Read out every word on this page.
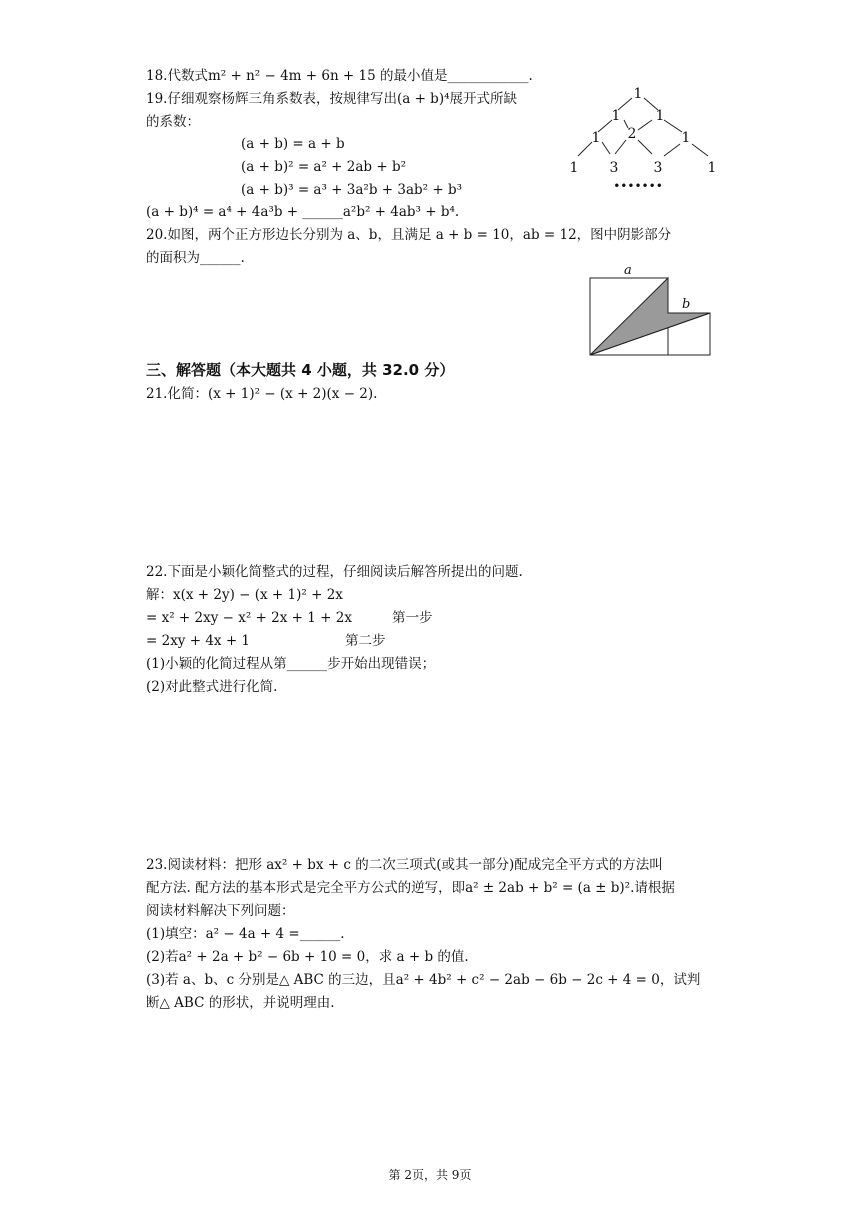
18.代数式m² + n² − 4m + 6n + 15 的最小值是____________.
19.仔细观察杨辉三角系数表，按规律写出(a + b)⁴展开式所缺
的系数：
(a + b) = a + b
(a + b)² = a² + 2ab + b²
(a + b)³ = a³ + 3a²b + 3ab² + b³
(a + b)⁴ = a⁴ + 4a³b + ______a²b² + 4ab³ + b⁴.
1
1	1
1 2	1
1 3	3	1
•••••••
20.如图，两个正方形边长分别为 a、b，且满足 a + b = 10，ab = 12，图中阴影部分
的面积为______.
a
b
三、解答题（本大题共 4 小题，共 32.0 分）
21.化简：(x + 1)² − (x + 2)(x − 2).
22.下面是小颖化简整式的过程，仔细阅读后解答所提出的问题.
解：x(x + 2y) − (x + 1)² + 2x
= x² + 2xy − x² + 2x + 1 + 2x	第一步
= 2xy + 4x + 1	第二步
(1)小颖的化简过程从第______步开始出现错误；
(2)对此整式进行化简.
23.阅读材料：把形 ax² + bx + c 的二次三项式(或其一部分)配成完全平方式的方法叫
配方法. 配方法的基本形式是完全平方公式的逆写，即a² ± 2ab + b² = (a ± b)².请根据
阅读材料解决下列问题：
(1)填空：a² − 4a + 4 =______.
(2)若a² + 2a + b² − 6b + 10 = 0，求 a + b 的值.
(3)若 a、b、c 分别是△ ABC 的三边，且a² + 4b² + c² − 2ab − 6b − 2c + 4 = 0，试判
断△ ABC 的形状，并说明理由.
第 2页，共 9页
